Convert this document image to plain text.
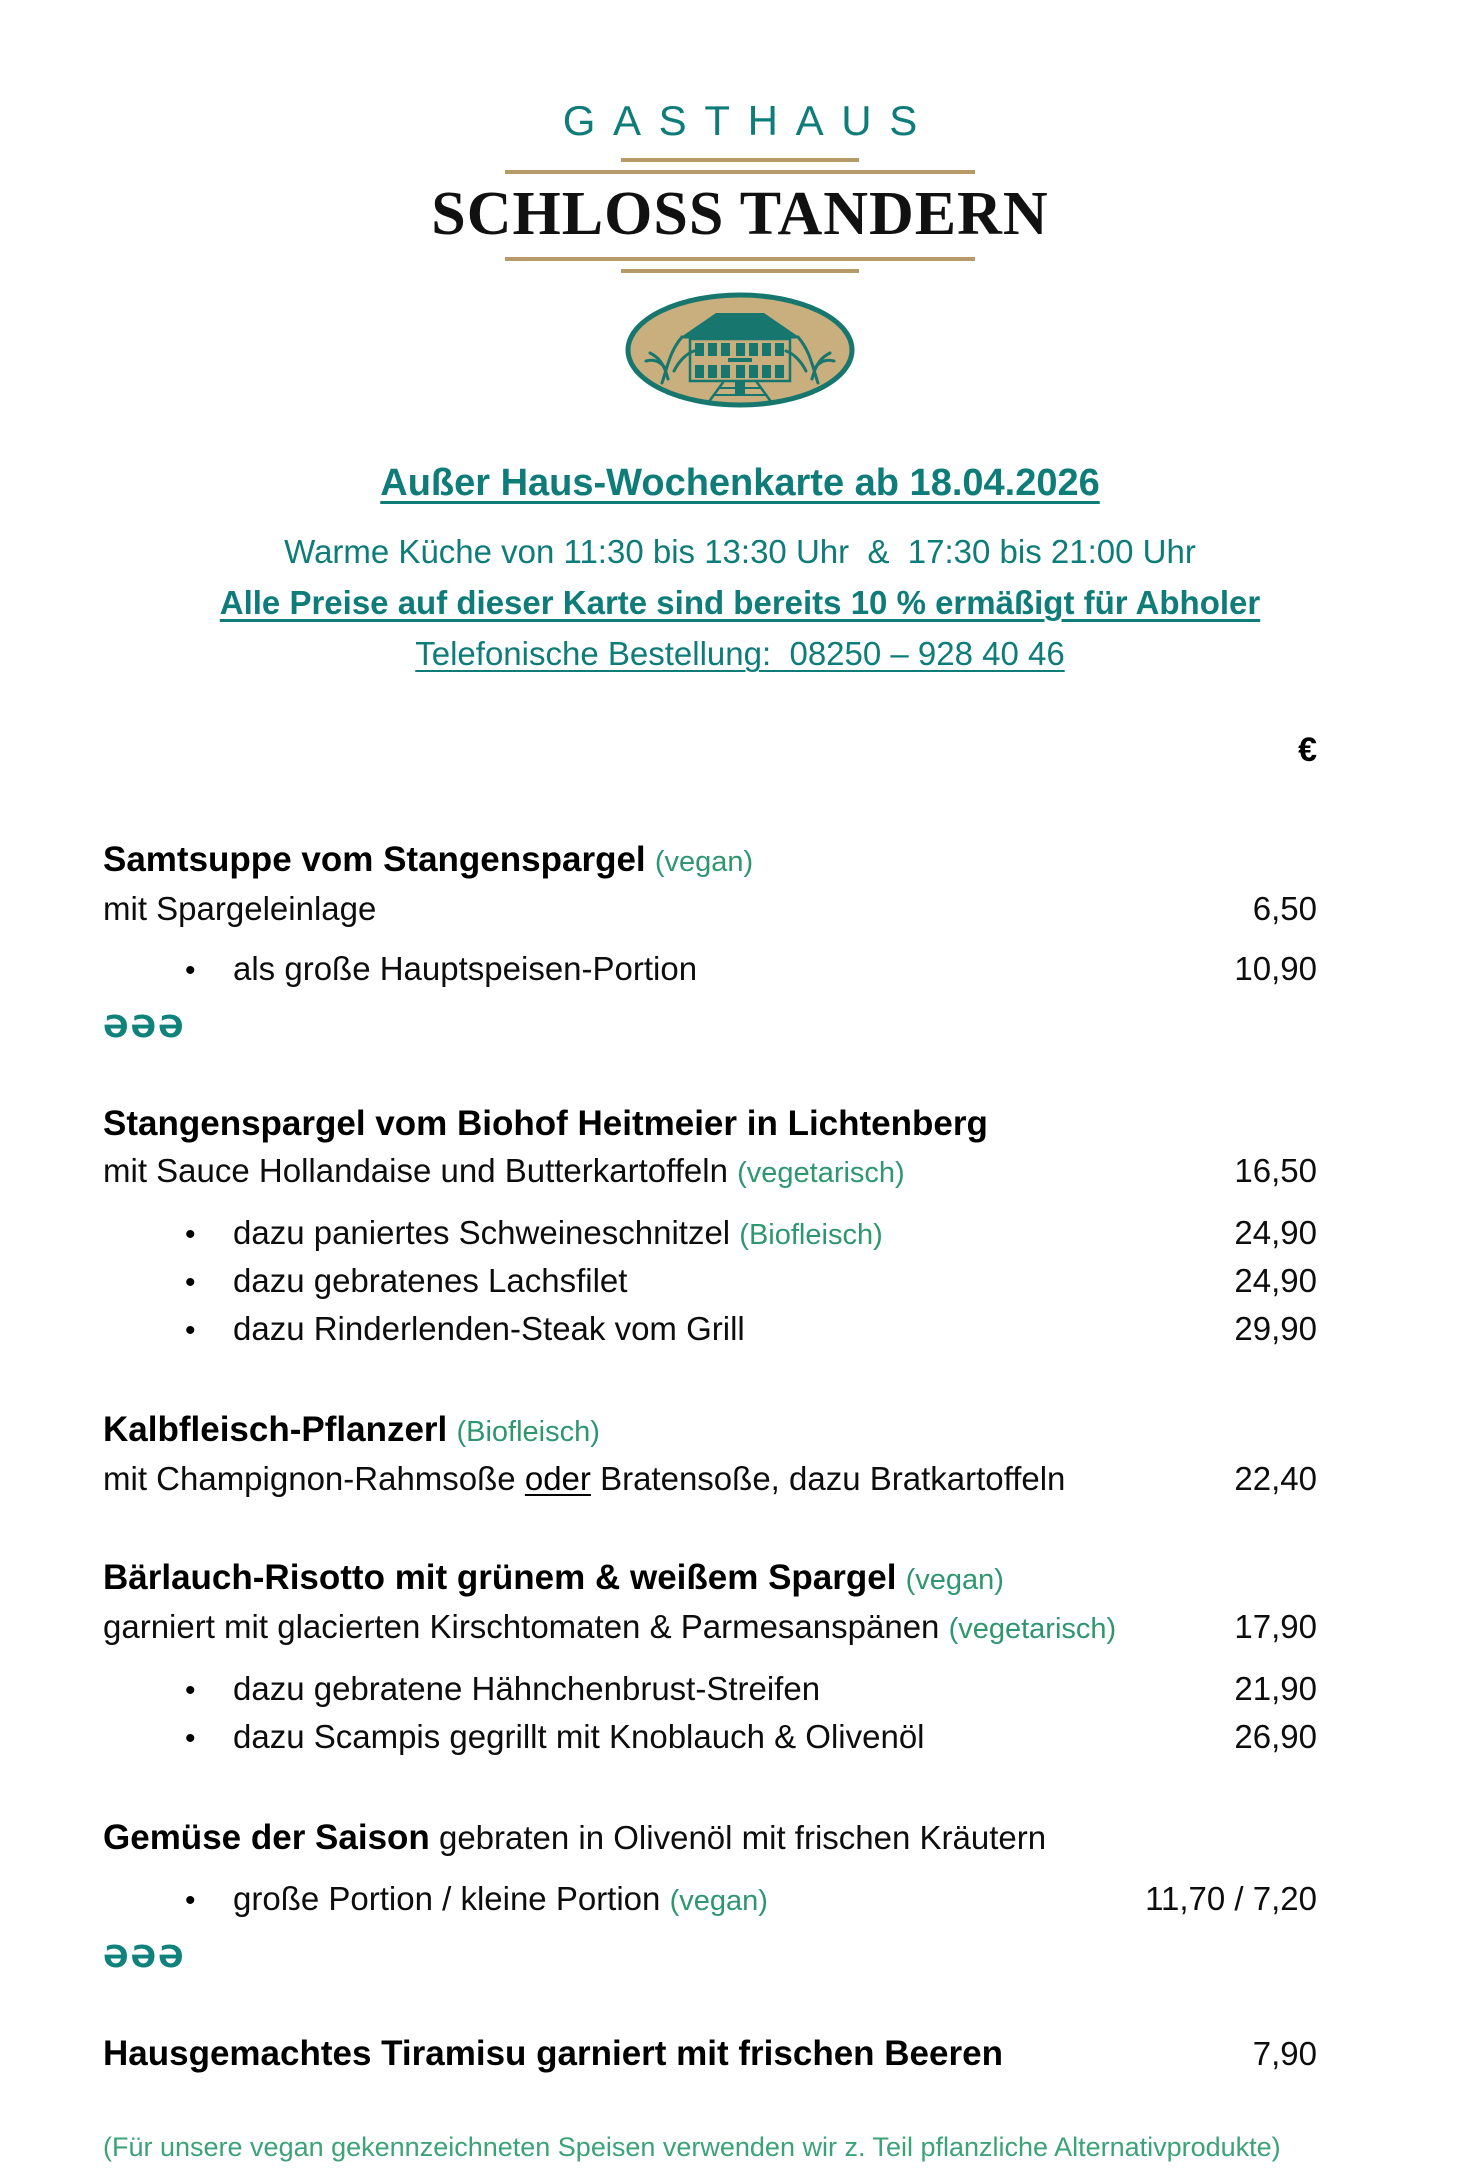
GASTHAUS
SCHLOSS TANDERN

Außer Haus-Wochenkarte ab 18.04.2026

Warme Küche von 11:30 bis 13:30 Uhr  &  17:30 bis 21:00 Uhr

Alle Preise auf dieser Karte sind bereits 10 % ermäßigt für Abholer

Telefonische Bestellung:  08250 – 928 40 46

€
Samtsuppe vom Stangenspargel (vegan)
mit Spargeleinlage	6,50
•	als große Hauptspeisen-Portion	10,90
ƏƏƏ
Stangenspargel vom Biohof Heitmeier in Lichtenberg
mit Sauce Hollandaise und Butterkartoffeln (vegetarisch)	16,50
•	dazu paniertes Schweineschnitzel (Biofleisch)	24,90
•	dazu gebratenes Lachsfilet	24,90
•	dazu Rinderlenden-Steak vom Grill	29,90
Kalbfleisch-Pflanzerl (Biofleisch)
mit Champignon-Rahmsoße oder Bratensoße, dazu Bratkartoffeln	22,40
Bärlauch-Risotto mit grünem & weißem Spargel (vegan)
garniert mit glacierten Kirschtomaten & Parmesanspänen (vegetarisch)	17,90
•	dazu gebratene Hähnchenbrust-Streifen	21,90
•	dazu Scampis gegrillt mit Knoblauch & Olivenöl	26,90
Gemüse der Saison gebraten in Olivenöl mit frischen Kräutern
•	große Portion / kleine Portion (vegan)	11,70 / 7,20
ƏƏƏ
Hausgemachtes Tiramisu garniert mit frischen Beeren	7,90
(Für unsere vegan gekennzeichneten Speisen verwenden wir z. Teil pflanzliche Alternativprodukte)
